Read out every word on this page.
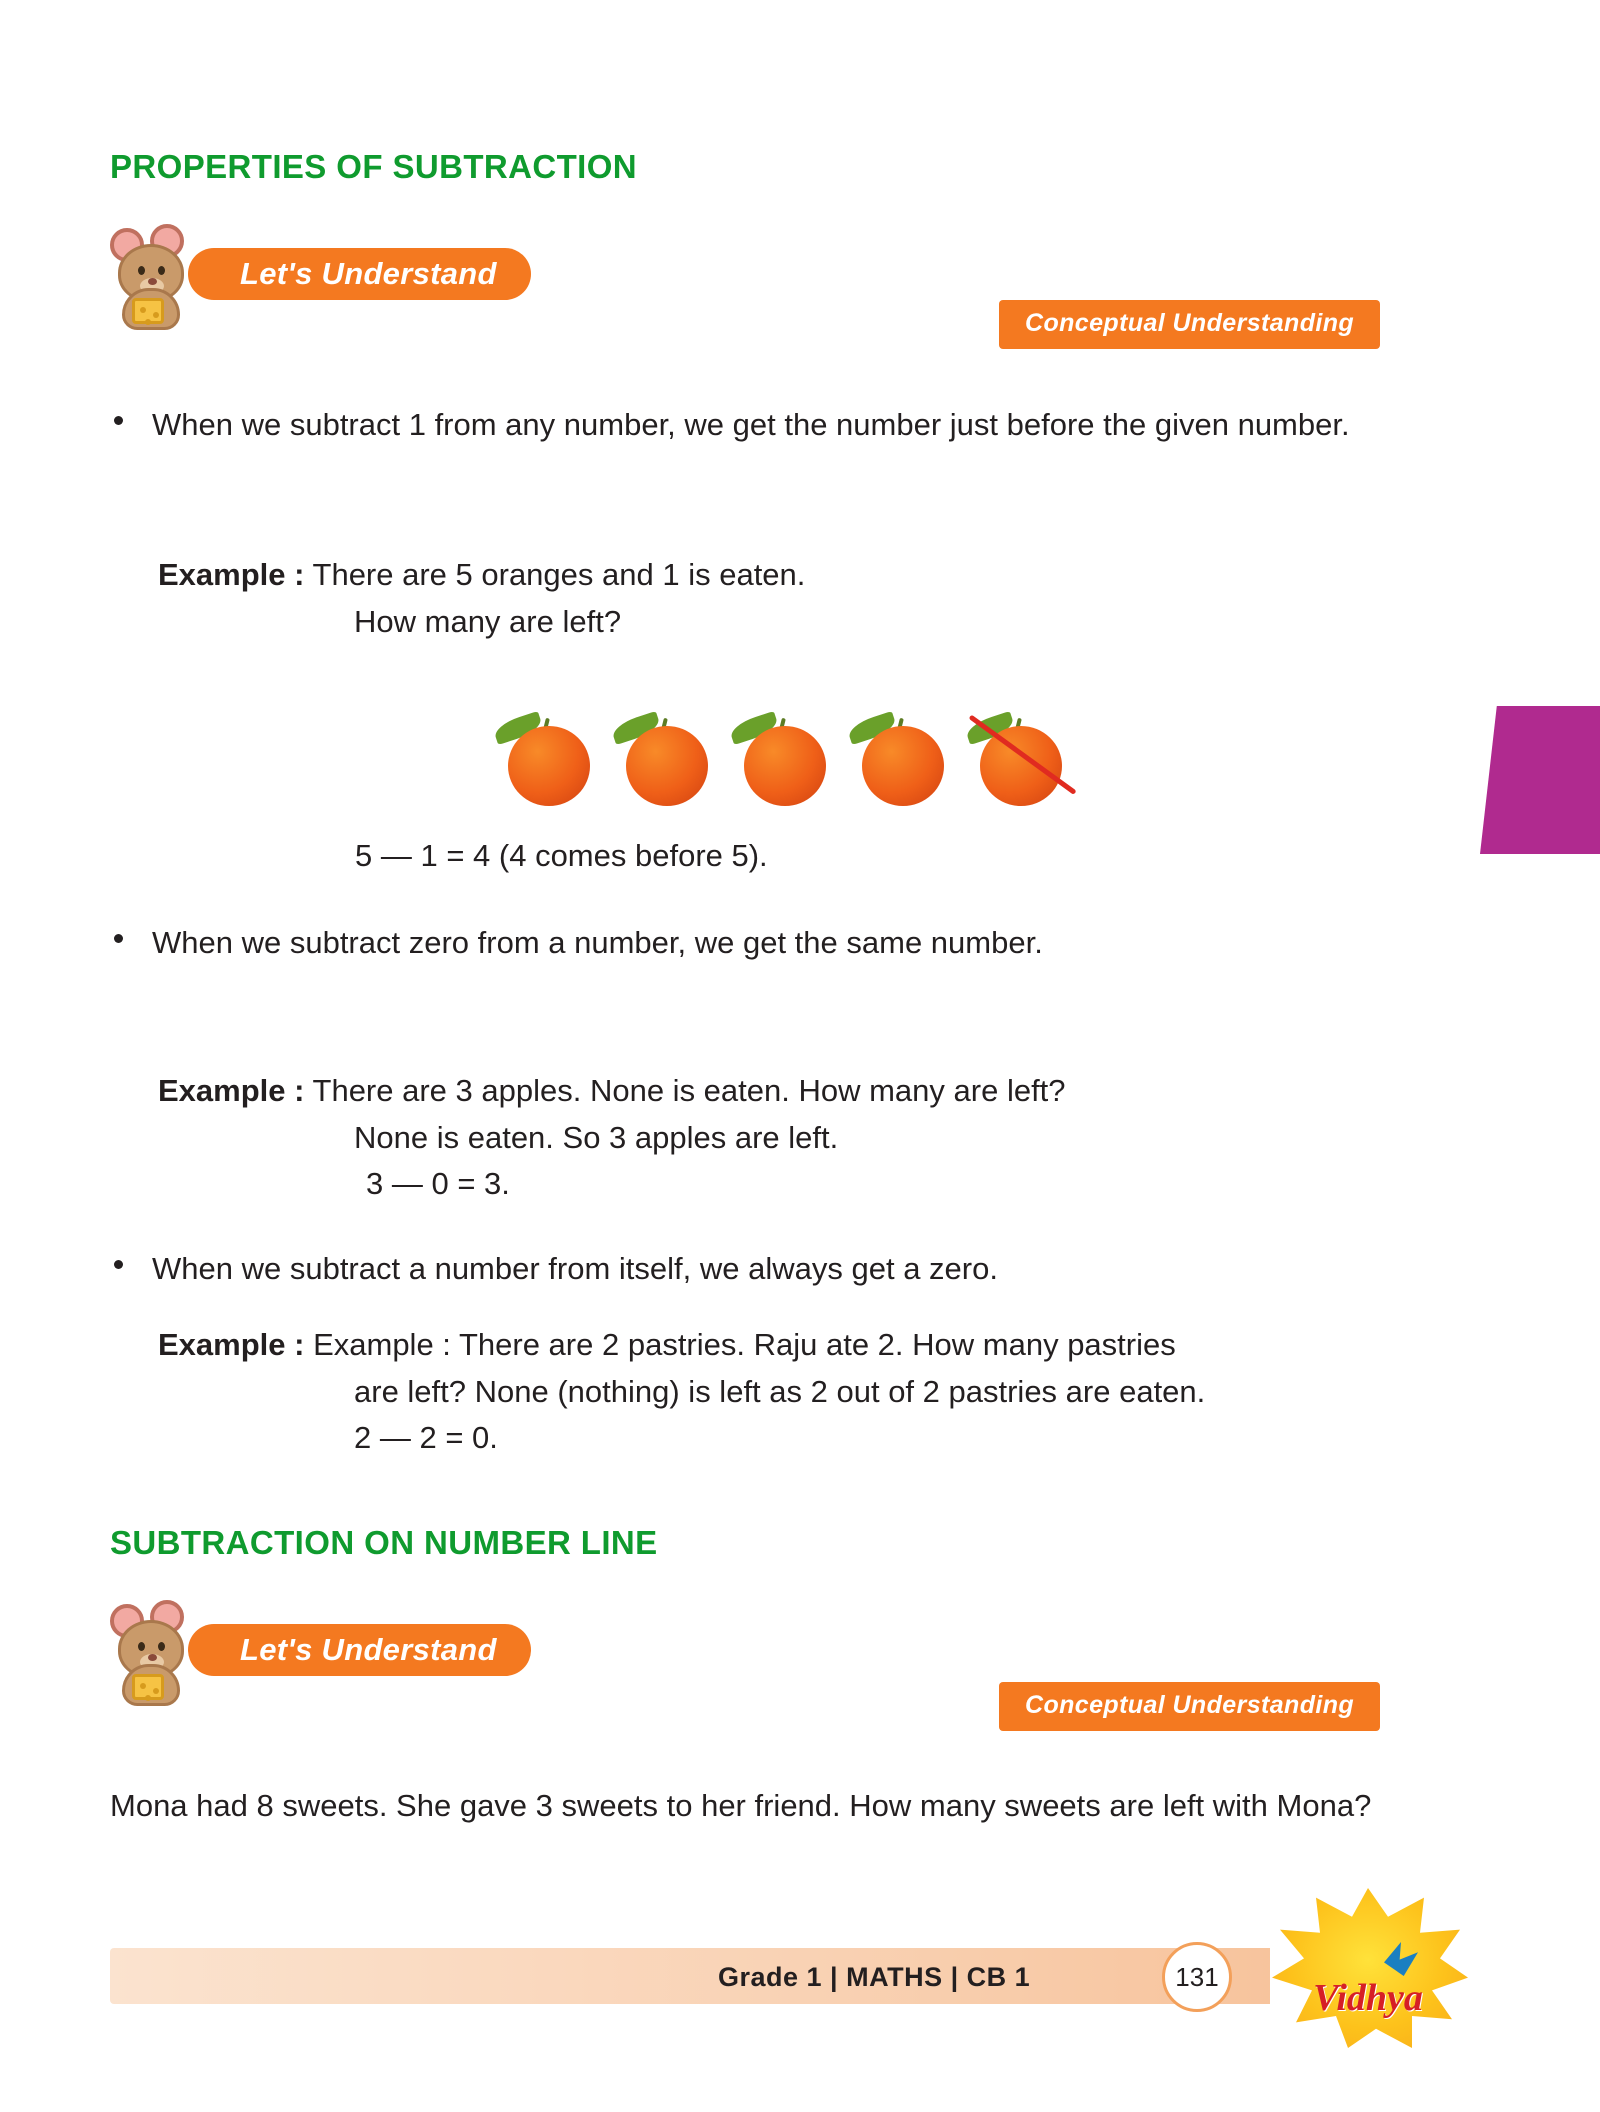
PROPERTIES OF SUBTRACTION
Let's Understand
Conceptual Understanding
When we subtract 1 from any number, we get the number just before the given number.
Example : There are 5 oranges and 1 is eaten.
How many are left?
5 — 1 = 4 (4 comes before 5).
When we subtract zero from a number, we get the same number.
Example : There are 3 apples. None is eaten. How many are left?
None is eaten. So 3 apples are left.
3 — 0 = 3.
When we subtract a number from itself, we always get a zero.
Example : Example : There are 2 pastries. Raju ate 2. How many pastries
are left? None (nothing) is left as 2 out of 2 pastries are eaten.
2 — 2 = 0.
SUBTRACTION ON NUMBER LINE
Let's Understand
Conceptual Understanding
Mona had 8 sweets. She gave 3 sweets to her friend. How many sweets are left with Mona?
Grade 1 | MATHS | CB 1	131
Vidhya
